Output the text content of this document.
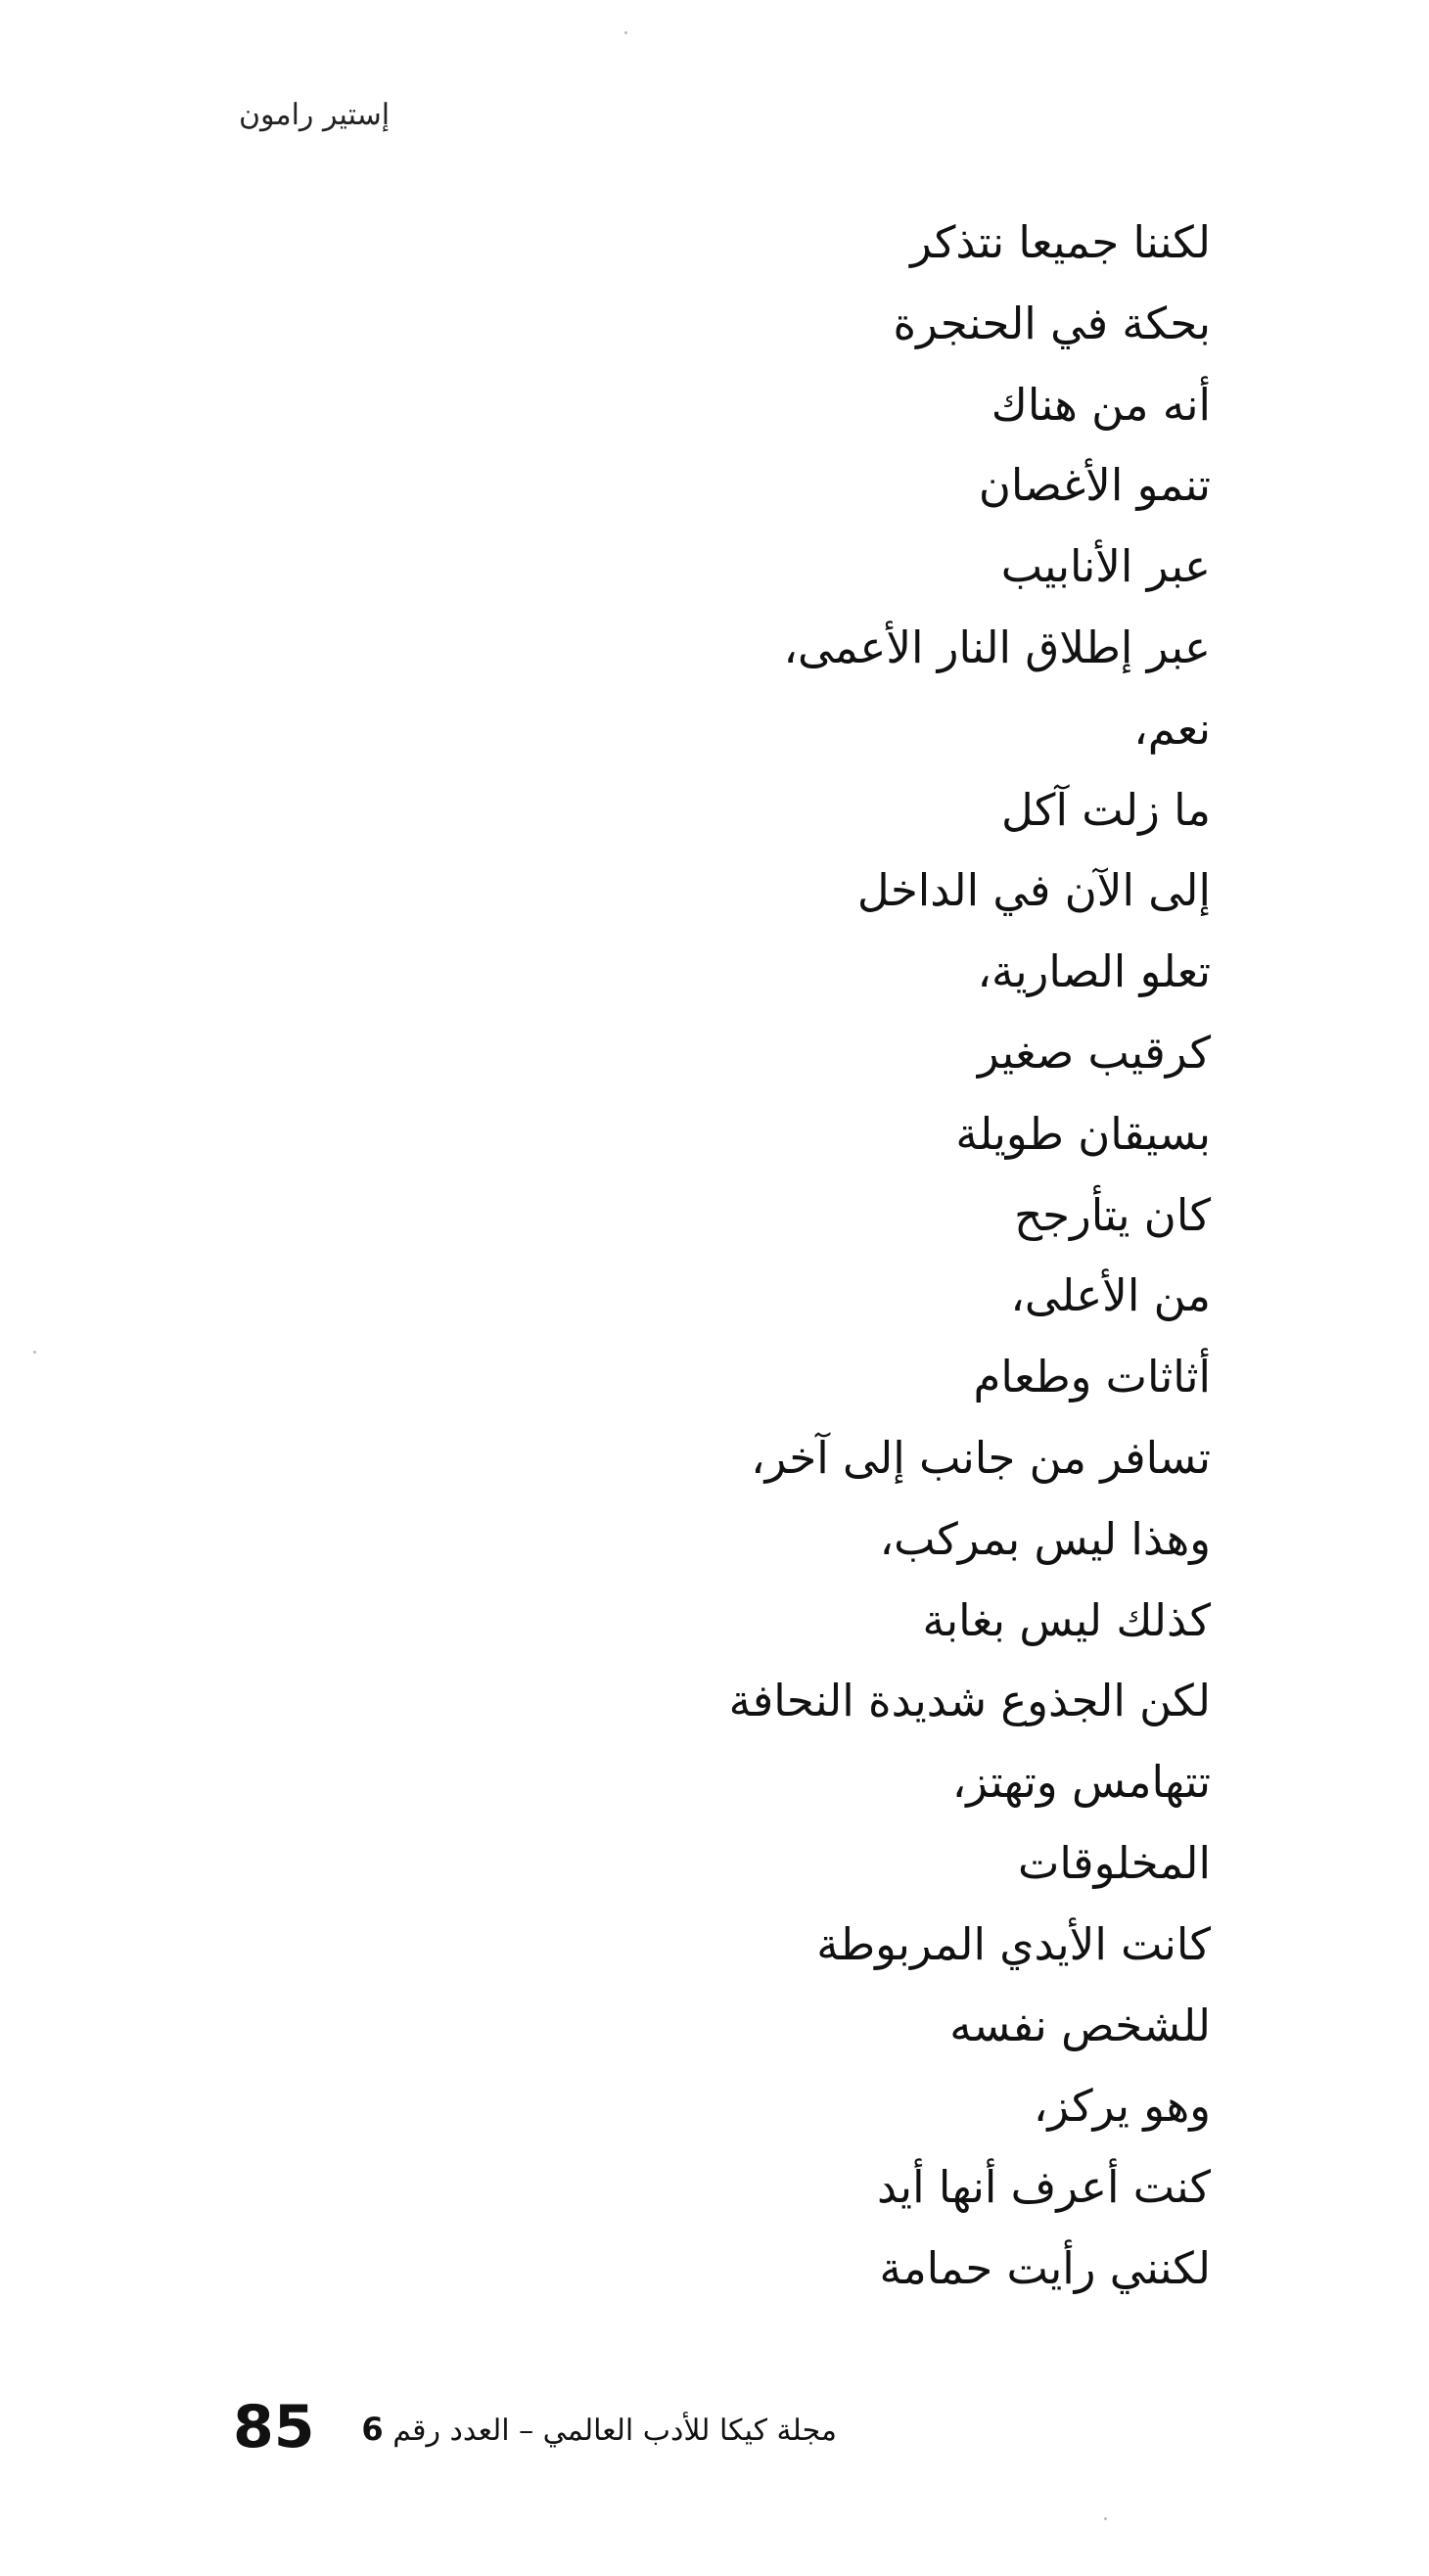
إستير رامون
لكننا جميعا نتذكر
بحكة في الحنجرة
أنه من هناك
تنمو الأغصان
عبر الأنابيب
عبر إطلاق النار الأعمى،
نعم،
ما زلت آكل
إلى الآن في الداخل
تعلو الصارية،
كرقيب صغير
بسيقان طويلة
كان يتأرجح
من الأعلى،
أثاثات وطعام
تسافر من جانب إلى آخر،
وهذا ليس بمركب،
كذلك ليس بغابة
لكن الجذوع شديدة النحافة
تتهامس وتهتز،
المخلوقات
كانت الأيدي المربوطة
للشخص نفسه
وهو يركز،
كنت أعرف أنها أيد
لكنني رأيت حمامة
85	مجلة كيكا للأدب العالمي – العدد رقم 6
